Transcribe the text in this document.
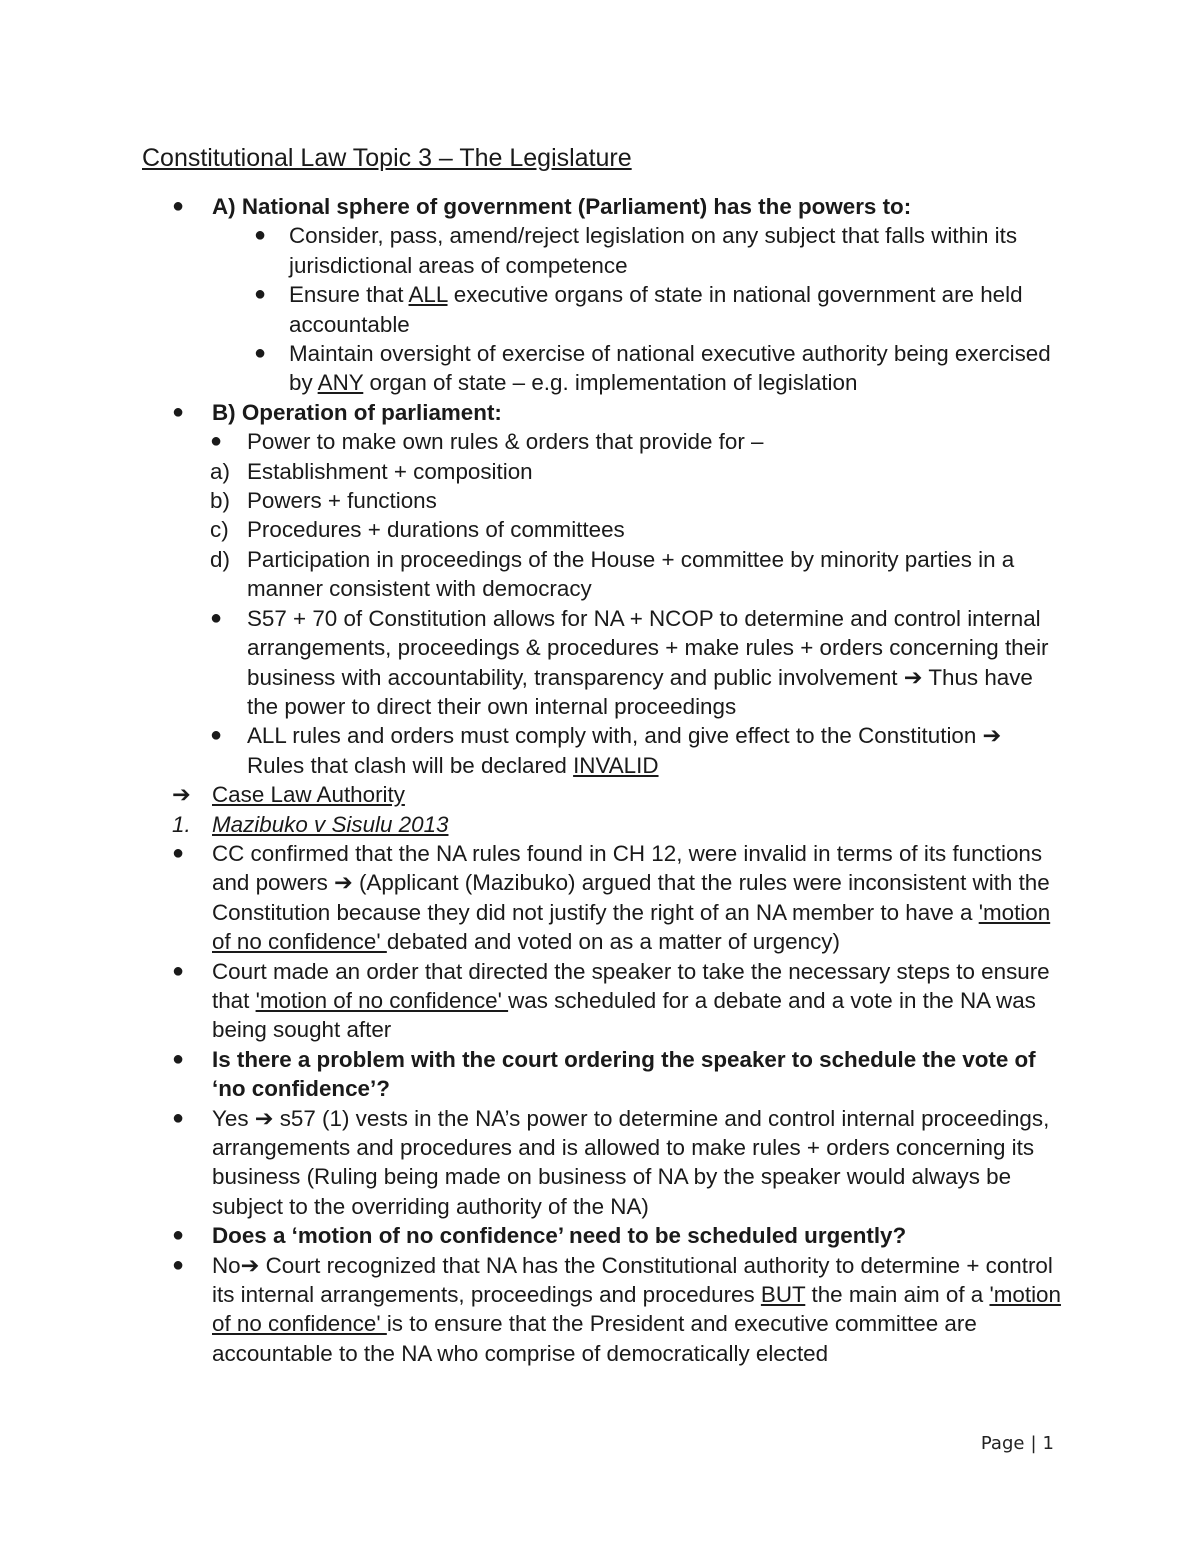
Constitutional Law Topic 3 – The Legislature
● A) National sphere of government (Parliament) has the powers to:
● Consider, pass, amend/reject legislation on any subject that falls within its jurisdictional areas of competence
● Ensure that ALL executive organs of state in national government are held accountable
● Maintain oversight of exercise of national executive authority being exercised by ANY organ of state – e.g. implementation of legislation
● B) Operation of parliament:
● Power to make own rules & orders that provide for –
a) Establishment + composition
b) Powers + functions
c) Procedures + durations of committees
d) Participation in proceedings of the House + committee by minority parties in a manner consistent with democracy
● S57 + 70 of Constitution allows for NA + NCOP to determine and control internal arrangements, proceedings & procedures + make rules + orders concerning their business with accountability, transparency and public involvement ➔ Thus have the power to direct their own internal proceedings
● ALL rules and orders must comply with, and give effect to the Constitution ➔ Rules that clash will be declared INVALID
➔ Case Law Authority
1. Mazibuko v Sisulu 2013
● CC confirmed that the NA rules found in CH 12, were invalid in terms of its functions and powers ➔ (Applicant (Mazibuko) argued that the rules were inconsistent with the Constitution because they did not justify the right of an NA member to have a 'motion of no confidence' debated and voted on as a matter of urgency)
● Court made an order that directed the speaker to take the necessary steps to ensure that 'motion of no confidence' was scheduled for a debate and a vote in the NA was being sought after
● Is there a problem with the court ordering the speaker to schedule the vote of ‘no confidence’?
● Yes ➔ s57 (1) vests in the NA’s power to determine and control internal proceedings, arrangements and procedures and is allowed to make rules + orders concerning its business (Ruling being made on business of NA by the speaker would always be subject to the overriding authority of the NA)
● Does a ‘motion of no confidence’ need to be scheduled urgently?
● No➔ Court recognized that NA has the Constitutional authority to determine + control its internal arrangements, proceedings and procedures BUT the main aim of a 'motion of no confidence' is to ensure that the President and executive committee are accountable to the NA who comprise of democratically elected
Page | 1
